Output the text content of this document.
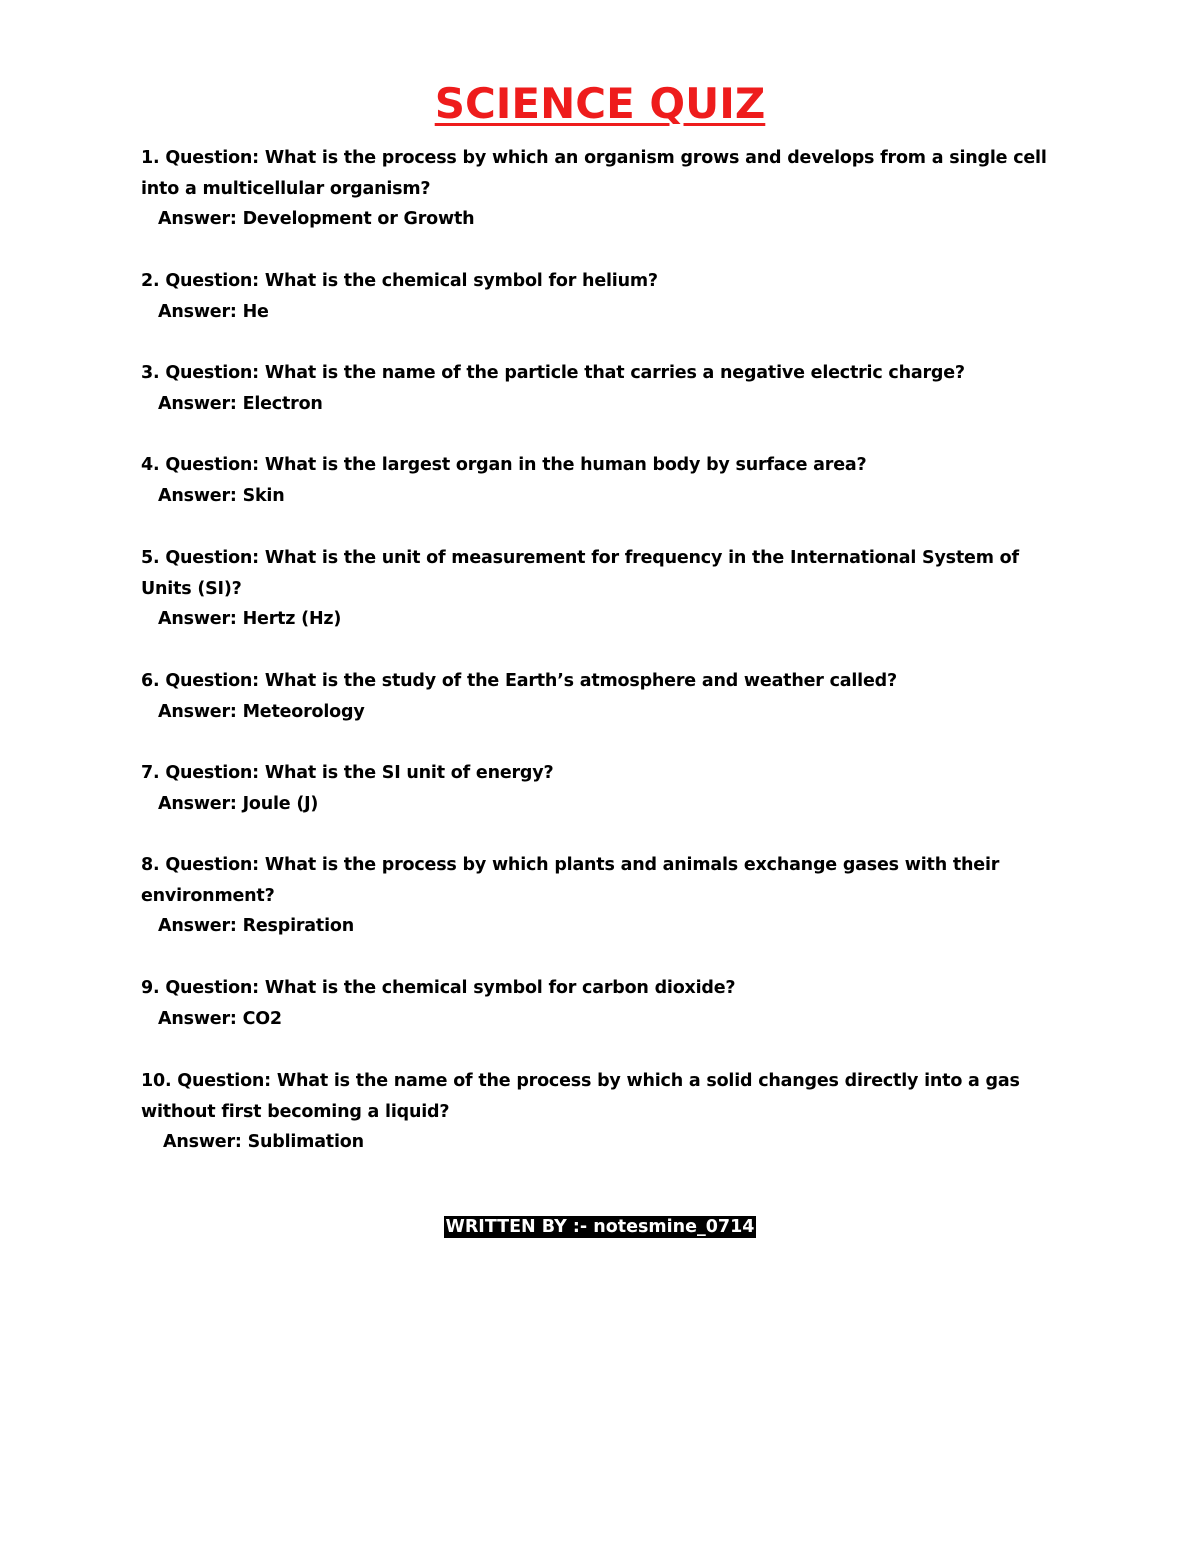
SCIENCE QUIZ
1. Question: What is the process by which an organism grows and develops from a single cell into a multicellular organism?
Answer: Development or Growth
2. Question: What is the chemical symbol for helium?
Answer: He
3. Question: What is the name of the particle that carries a negative electric charge?
Answer: Electron
4. Question: What is the largest organ in the human body by surface area?
Answer: Skin
5. Question: What is the unit of measurement for frequency in the International System of Units (SI)?
Answer: Hertz (Hz)
6. Question: What is the study of the Earth’s atmosphere and weather called?
Answer: Meteorology
7. Question: What is the SI unit of energy?
Answer: Joule (J)
8. Question: What is the process by which plants and animals exchange gases with their environment?
Answer: Respiration
9. Question: What is the chemical symbol for carbon dioxide?
Answer: CO2
10. Question: What is the name of the process by which a solid changes directly into a gas without first becoming a liquid?
Answer: Sublimation
WRITTEN BY :- notesmine_0714
